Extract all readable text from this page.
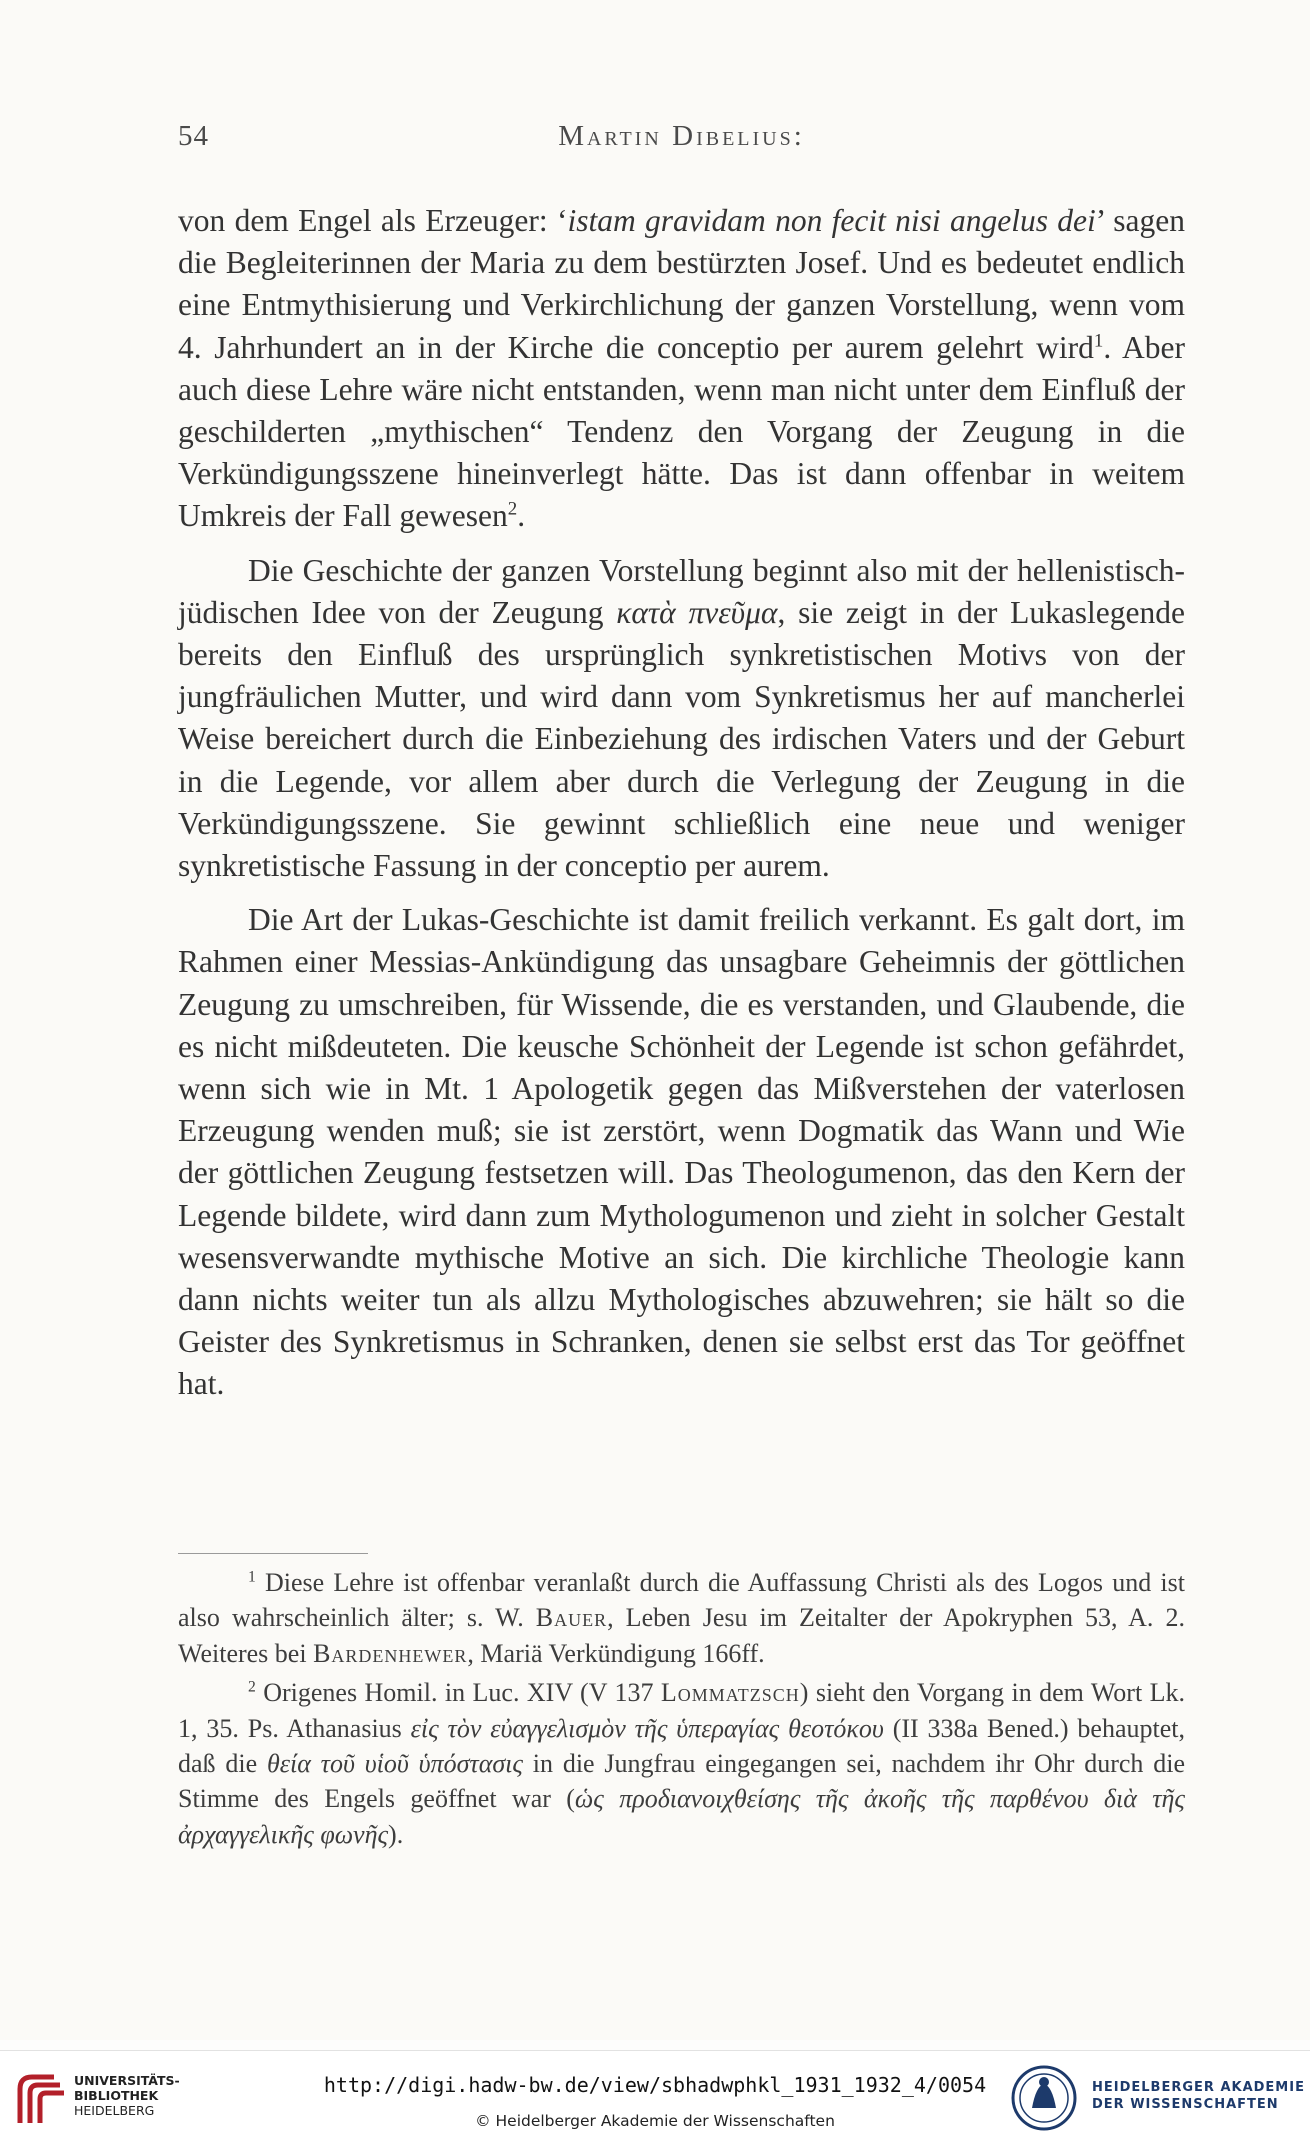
54	Martin Dibelius:

von dem Engel als Erzeuger: ‘istam gravidam non fecit nisi angelus dei’ sagen die Begleiterinnen der Maria zu dem bestürzten Josef. Und es bedeutet endlich eine Entmythisierung und Verkirchlichung der ganzen Vorstellung, wenn vom 4. Jahrhundert an in der Kirche die conceptio per aurem gelehrt wird$^1$. Aber auch diese Lehre wäre nicht entstanden, wenn man nicht unter dem Einfluß der geschilderten „mythischen“ Tendenz den Vorgang der Zeugung in die Verkündigungsszene hineinverlegt hätte. Das ist dann offenbar in weitem Umkreis der Fall gewesen$^2$.

Die Geschichte der ganzen Vorstellung beginnt also mit der hellenistisch-jüdischen Idee von der Zeugung κατὰ πνεῦμα, sie zeigt in der Lukaslegende bereits den Einfluß des ursprünglich synkretistischen Motivs von der jungfräulichen Mutter, und wird dann vom Synkretismus her auf mancherlei Weise bereichert durch die Einbeziehung des irdischen Vaters und der Geburt in die Legende, vor allem aber durch die Verlegung der Zeugung in die Verkündigungsszene. Sie gewinnt schließlich eine neue und weniger synkretistische Fassung in der conceptio per aurem.

Die Art der Lukas-Geschichte ist damit freilich verkannt. Es galt dort, im Rahmen einer Messias-Ankündigung das unsagbare Geheimnis der göttlichen Zeugung zu umschreiben, für Wissende, die es verstanden, und Glaubende, die es nicht mißdeuteten. Die keusche Schönheit der Legende ist schon gefährdet, wenn sich wie in Mt. 1 Apologetik gegen das Mißverstehen der vaterlosen Erzeugung wenden muß; sie ist zerstört, wenn Dogmatik das Wann und Wie der göttlichen Zeugung festsetzen will. Das Theologumenon, das den Kern der Legende bildete, wird dann zum Mythologumenon und zieht in solcher Gestalt wesensverwandte mythische Motive an sich. Die kirchliche Theologie kann dann nichts weiter tun als allzu Mythologisches abzuwehren; sie hält so die Geister des Synkretismus in Schranken, denen sie selbst erst das Tor geöffnet hat.

$^1$ Diese Lehre ist offenbar veranlaßt durch die Auffassung Christi als des Logos und ist also wahrscheinlich älter; s. W. Bauer, Leben Jesu im Zeitalter der Apokryphen 53, A. 2. Weiteres bei Bardenhewer, Mariä Verkündigung 166ff.

$^2$ Origenes Homil. in Luc. XIV (V 137 Lommatzsch) sieht den Vorgang in dem Wort Lk. 1, 35. Ps. Athanasius εἰς τὸν εὐαγγελισμὸν τῆς ὑπεραγίας θεοτόκου (II 338a Bened.) behauptet, daß die θεία τοῦ υἱοῦ ὑπόστασις in die Jungfrau eingegangen sei, nachdem ihr Ohr durch die Stimme des Engels geöffnet war (ὡς προδιανοιχθείσης τῆς ἀκοῆς τῆς παρθένου διὰ τῆς ἀρχαγγελικῆς φωνῆς).

UNIVERSITÄTS-
BIBLIOTHEK
HEIDELBERG
http://digi.hadw-bw.de/view/sbhadwphkl_1931_1932_4/0054
© Heidelberger Akademie der Wissenschaften
HEIDELBERGER AKADEMIE
DER WISSENSCHAFTEN
